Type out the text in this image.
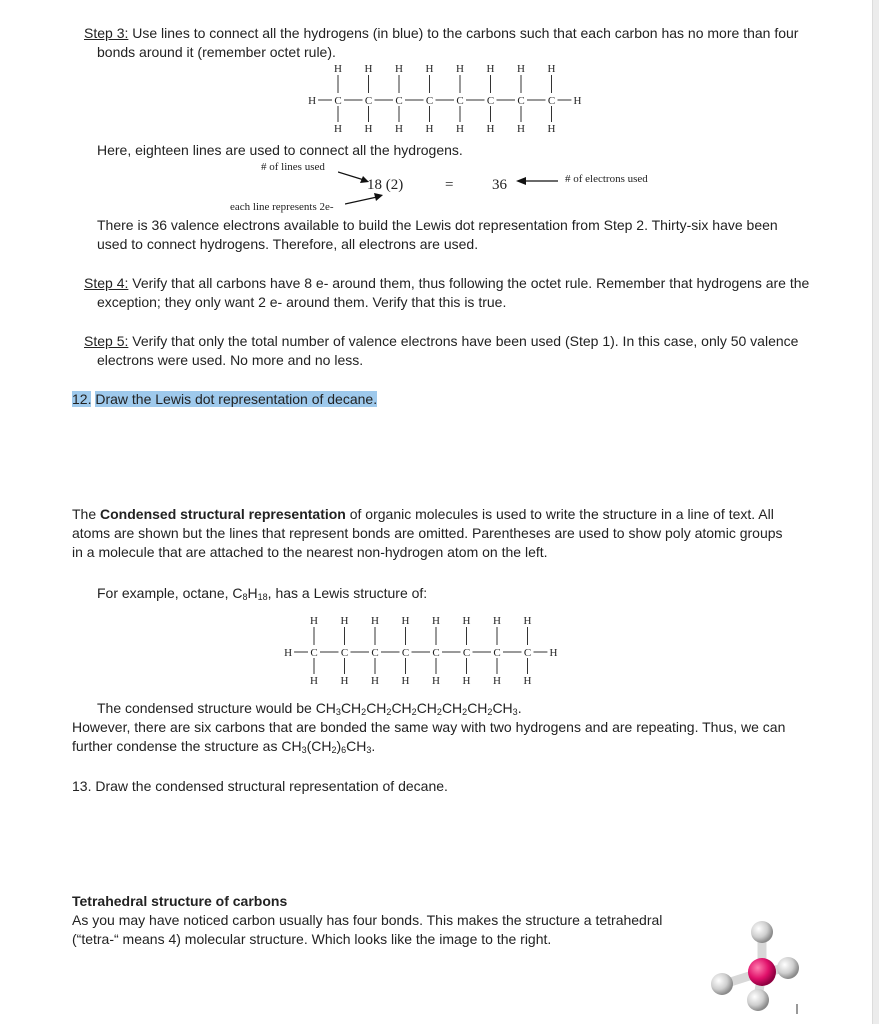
Step 3: Use lines to connect all the hydrogens (in blue) to the carbons such that each carbon has no more than four bonds around it (remember octet rule).

H C
H
H
C
H
H
C
H
H
C
H
H
C
H
H
C
H
H
C
H
H
C
H
H
H

Here, eighteen lines are used to connect all the hydrogens.

# of lines used
18 (2)	=	36	# of electrons used
each line represents 2e-

There is 36 valence electrons available to build the Lewis dot representation from Step 2. Thirty-six have been used to connect hydrogens. Therefore, all electrons are used.

Step 4: Verify that all carbons have 8 e- around them, thus following the octet rule. Remember that hydrogens are the exception; they only want 2 e- around them. Verify that this is true.

Step 5: Verify that only the total number of valence electrons have been used (Step 1). In this case, only 50 valence electrons were used. No more and no less.

12. Draw the Lewis dot representation of decane.

The Condensed structural representation of organic molecules is used to write the structure in a line of text. All atoms are shown but the lines that represent bonds are omitted. Parentheses are used to show poly atomic groups in a molecule that are attached to the nearest non-hydrogen atom on the left.

For example, octane, $C_8H_{18}$, has a Lewis structure of:

H C
H
H
C
H
H
C
H
H
C
H
H
C
H
H
C
H
H
C
H
H
C
H
H
H

The condensed structure would be $CH_3CH_2CH_2CH_2CH_2CH_2CH_2CH_3$.

However, there are six carbons that are bonded the same way with two hydrogens and are repeating. Thus, we can further condense the structure as $CH_3(CH_2)_6CH_3$.

13. Draw the condensed structural representation of decane.

Tetrahedral structure of carbons

As you may have noticed carbon usually has four bonds. This makes the structure a tetrahedral (“tetra-“ means 4) molecular structure. Which looks like the image to the right.
